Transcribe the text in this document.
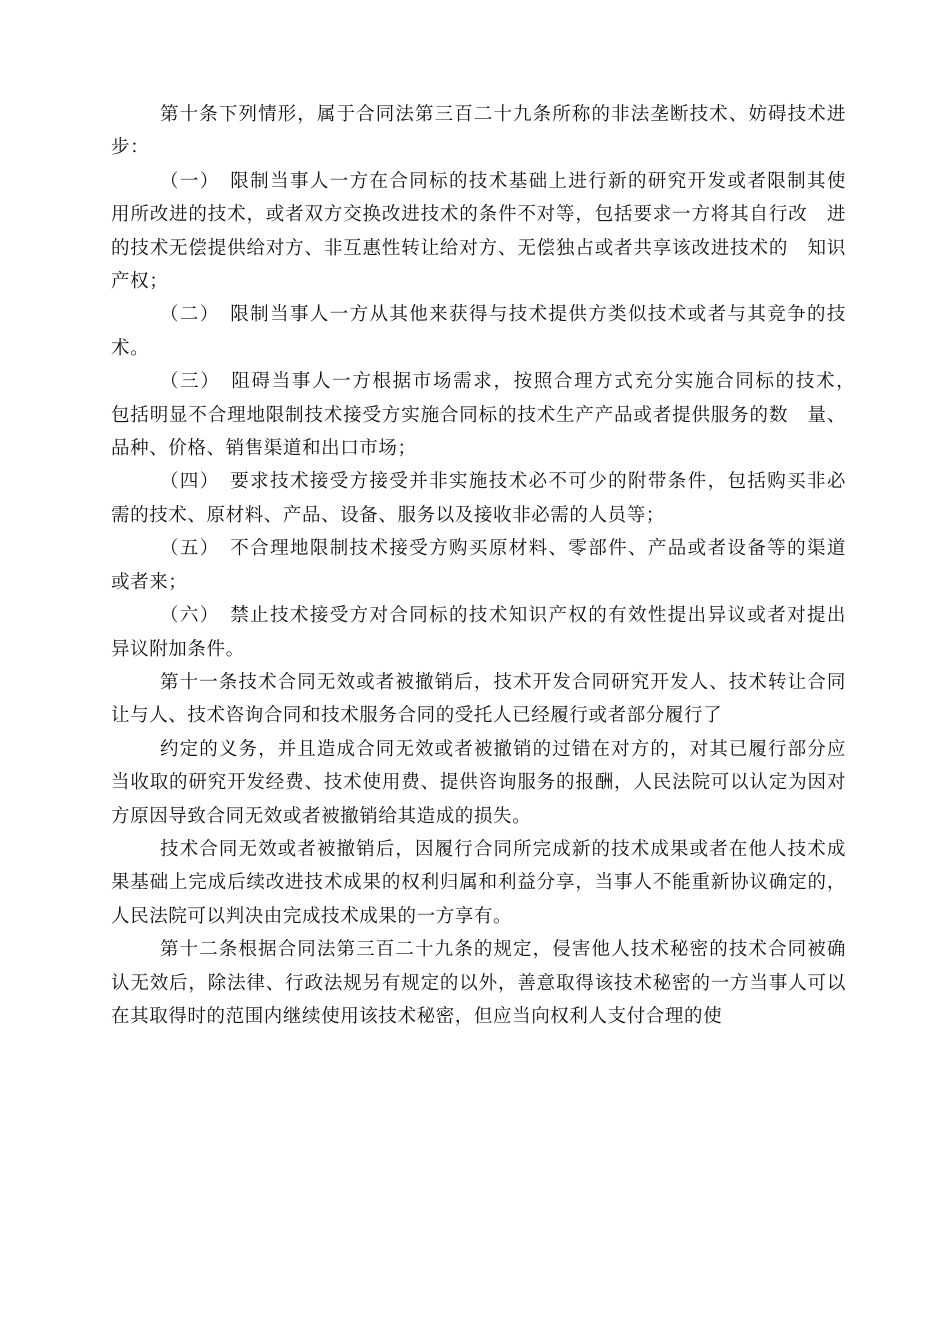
第十条下列情形，属于合同法第三百二十九条所称的非法垄断技术、妨碍技术进步：

（一）　限制当事人一方在合同标的技术基础上进行新的研究开发或者限制其使　用所改进的技术，或者双方交换改进技术的条件不对等，包括要求一方将其自行改　进的技术无偿提供给对方、非互惠性转让给对方、无偿独占或者共享该改进技术的　知识产权；

（二）　限制当事人一方从其他来获得与技术提供方类似技术或者与其竞争的技　术。

（三）　阻碍当事人一方根据市场需求，按照合理方式充分实施合同标的技术，　包括明显不合理地限制技术接受方实施合同标的技术生产产品或者提供服务的数　量、品种、价格、销售渠道和出口市场；

（四）　要求技术接受方接受并非实施技术必不可少的附带条件，包括购买非必　需的技术、原材料、产品、设备、服务以及接收非必需的人员等；

（五）　不合理地限制技术接受方购买原材料、零部件、产品或者设备等的渠道　或者来；

（六）　禁止技术接受方对合同标的技术知识产权的有效性提出异议或者对提出　异议附加条件。

第十一条技术合同无效或者被撤销后，技术开发合同研究开发人、技术转让合同让与人、技术咨询合同和技术服务合同的受托人已经履行或者部分履行了

约定的义务，并且造成合同无效或者被撤销的过错在对方的，对其已履行部分应当收取的研究开发经费、技术使用费、提供咨询服务的报酬，人民法院可以认定为因对方原因导致合同无效或者被撤销给其造成的损失。

技术合同无效或者被撤销后，因履行合同所完成新的技术成果或者在他人技术成果基础上完成后续改进技术成果的权利归属和利益分享，当事人不能重新协议确定的，人民法院可以判决由完成技术成果的一方享有。

第十二条根据合同法第三百二十九条的规定，侵害他人技术秘密的技术合同被确认无效后，除法律、行政法规另有规定的以外，善意取得该技术秘密的一方当事人可以在其取得时的范围内继续使用该技术秘密，但应当向权利人支付合理的使
